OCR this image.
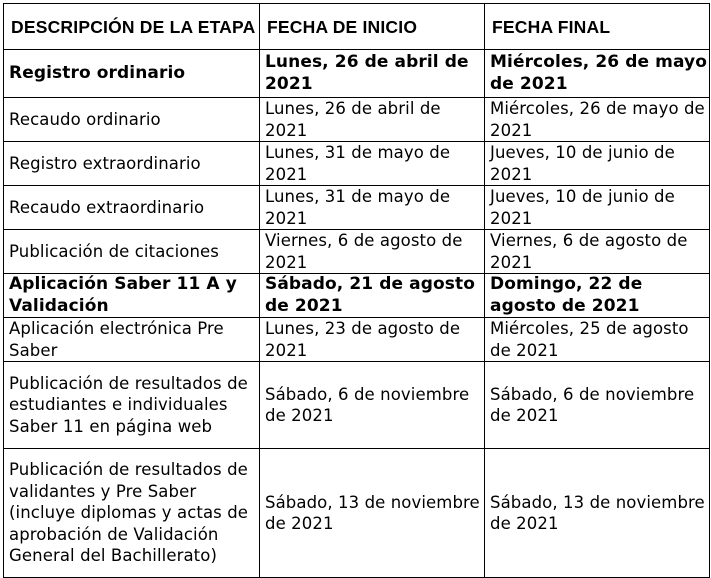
DESCRIPCIÓN DE LA ETAPA	FECHA DE INICIO	FECHA FINAL
Registro ordinario	Lunes, 26 de abril de 2021	Miércoles, 26 de mayo de 2021
Recaudo ordinario	Lunes, 26 de abril de 2021	Miércoles, 26 de mayo de 2021
Registro extraordinario	Lunes, 31 de mayo de 2021	Jueves, 10 de junio de 2021
Recaudo extraordinario	Lunes, 31 de mayo de 2021	Jueves, 10 de junio de 2021
Publicación de citaciones	Viernes, 6 de agosto de 2021	Viernes, 6 de agosto de 2021
Aplicación Saber 11 A y Validación	Sábado, 21 de agosto de 2021	Domingo, 22 de agosto de 2021
Aplicación electrónica Pre Saber	Lunes, 23 de agosto de 2021	Miércoles, 25 de agosto de 2021
Publicación de resultados de estudiantes e individuales Saber 11 en página web	Sábado, 6 de noviembre de 2021	Sábado, 6 de noviembre de 2021
Publicación de resultados de validantes y Pre Saber (incluye diplomas y actas de aprobación de Validación General del Bachillerato)	Sábado, 13 de noviembre de 2021	Sábado, 13 de noviembre de 2021
